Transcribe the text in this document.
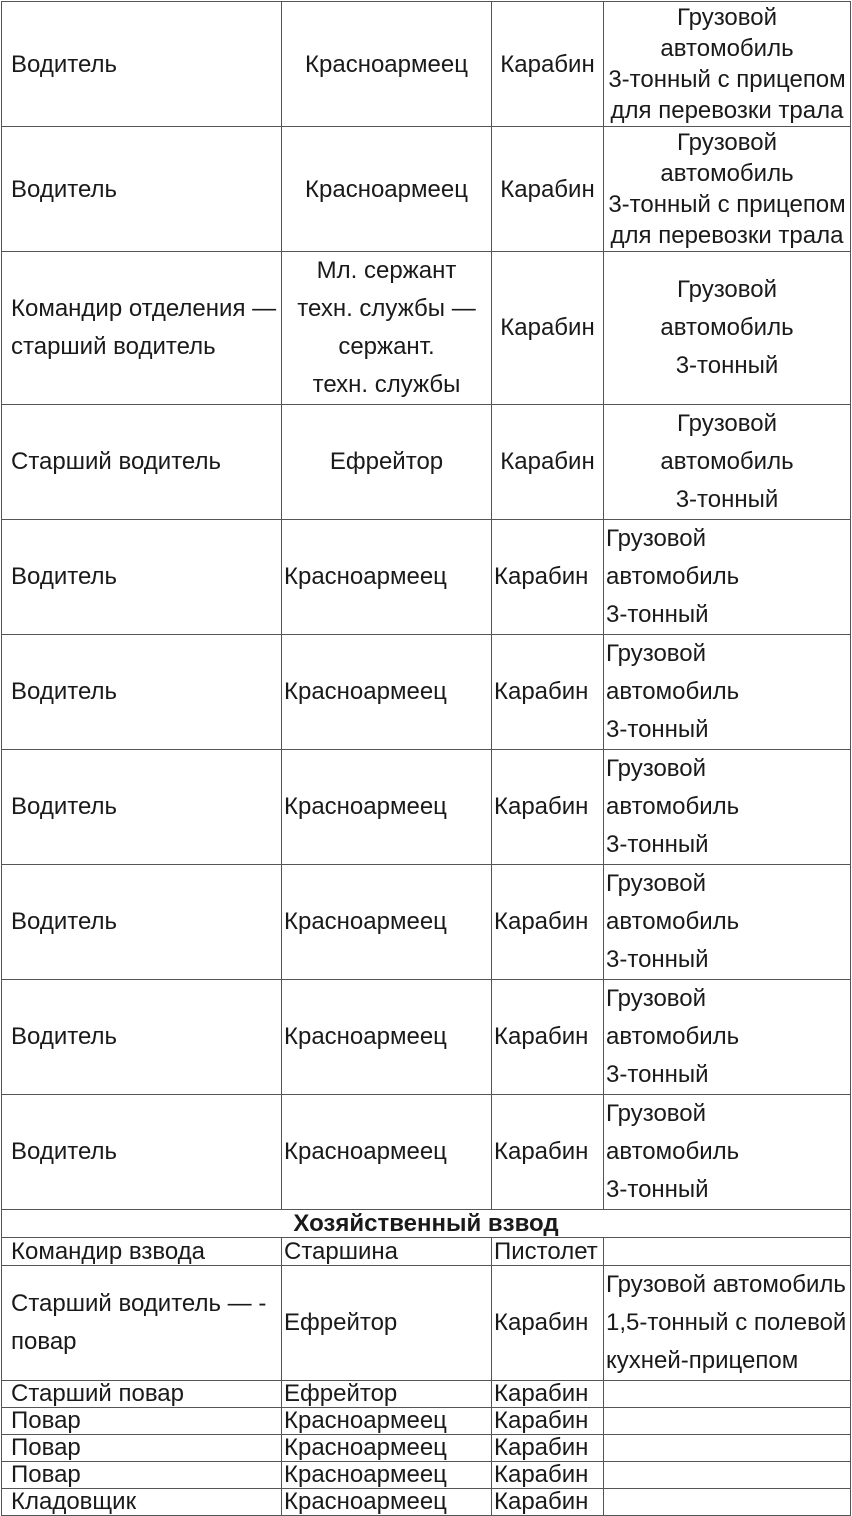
Водитель	Красноармеец	Карабин	Грузовой
автомобиль
3-тонный с прицепом
для перевозки трала

Водитель	Красноармеец	Карабин	Грузовой
автомобиль
3-тонный с прицепом
для перевозки трала

Командир отделения —
старший водитель	Мл. сержант
техн. службы —
сержант.
техн. службы	Карабин	Грузовой
автомобиль
3-тонный

Старший водитель	Ефрейтор	Карабин	Грузовой
автомобиль
3-тонный

Водитель	Красноармеец	Карабин	Грузовой
автомобиль
3-тонный

Водитель	Красноармеец	Карабин	Грузовой
автомобиль
3-тонный

Водитель	Красноармеец	Карабин	Грузовой
автомобиль
3-тонный

Водитель	Красноармеец	Карабин	Грузовой
автомобиль
3-тонный

Водитель	Красноармеец	Карабин	Грузовой
автомобиль
3-тонный

Водитель	Красноармеец	Карабин	Грузовой
автомобиль
3-тонный

Хозяйственный взвод			

Командир взвода	Старшина	Пистолет	

Старший водитель — -
повар	Ефрейтор	Карабин	Грузовой автомобиль
1,5-тонный с полевой
кухней-прицепом

Старший повар	Ефрейтор	Карабин	

Повар	Красноармеец	Карабин	

Повар	Красноармеец	Карабин	

Повар	Красноармеец	Карабин	

Кладовщик	Красноармеец	Карабин	
